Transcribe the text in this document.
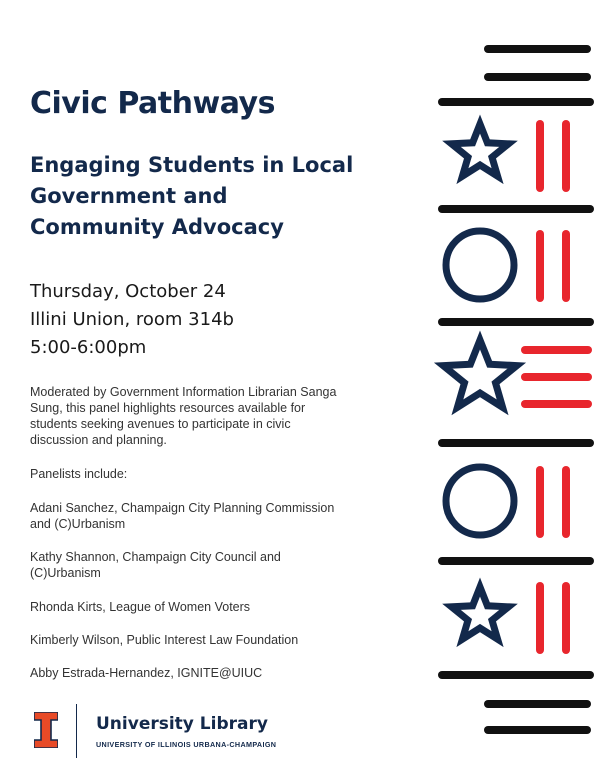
Civic Pathways
Engaging Students in Local Government and Community Advocacy
Thursday, October 24
Illini Union, room 314b
5:00-6:00pm

Moderated by Government Information Librarian Sanga Sung, this panel highlights resources available for students seeking avenues to participate in civic discussion and planning.

Panelists include:

Adani Sanchez, Champaign City Planning Commission and (C)Urbanism

Kathy Shannon, Champaign City Council and (C)Urbanism

Rhonda Kirts, League of Women Voters

Kimberly Wilson, Public Interest Law Foundation

Abby Estrada-Hernandez, IGNITE@UIUC

University Library
UNIVERSITY OF ILLINOIS URBANA-CHAMPAIGN
